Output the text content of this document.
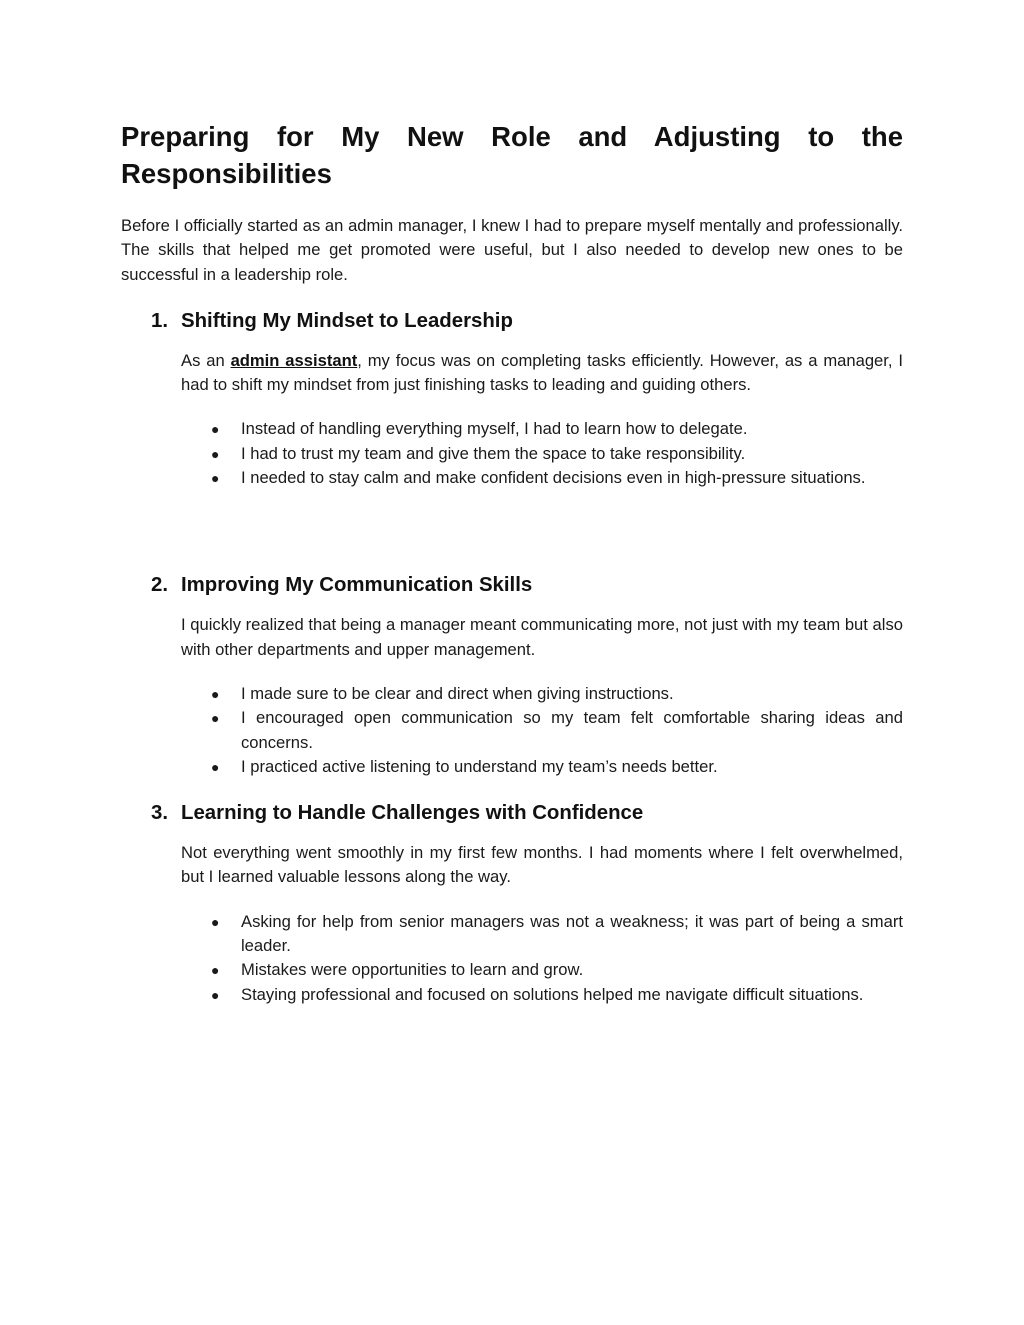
Preparing for My New Role and Adjusting to the Responsibilities

Before I officially started as an admin manager, I knew I had to prepare myself mentally and professionally. The skills that helped me get promoted were useful, but I also needed to develop new ones to be successful in a leadership role.

1. Shifting My Mindset to Leadership

As an admin assistant, my focus was on completing tasks efficiently. However, as a manager, I had to shift my mindset from just finishing tasks to leading and guiding others.

● Instead of handling everything myself, I had to learn how to delegate.
● I had to trust my team and give them the space to take responsibility.
● I needed to stay calm and make confident decisions even in high-pressure situations.
2. Improving My Communication Skills

I quickly realized that being a manager meant communicating more, not just with my team but also with other departments and upper management.

● I made sure to be clear and direct when giving instructions.
● I encouraged open communication so my team felt comfortable sharing ideas and concerns.
● I practiced active listening to understand my team’s needs better.
3. Learning to Handle Challenges with Confidence

Not everything went smoothly in my first few months. I had moments where I felt overwhelmed, but I learned valuable lessons along the way.

● Asking for help from senior managers was not a weakness; it was part of being a smart leader.
● Mistakes were opportunities to learn and grow.
● Staying professional and focused on solutions helped me navigate difficult situations.
